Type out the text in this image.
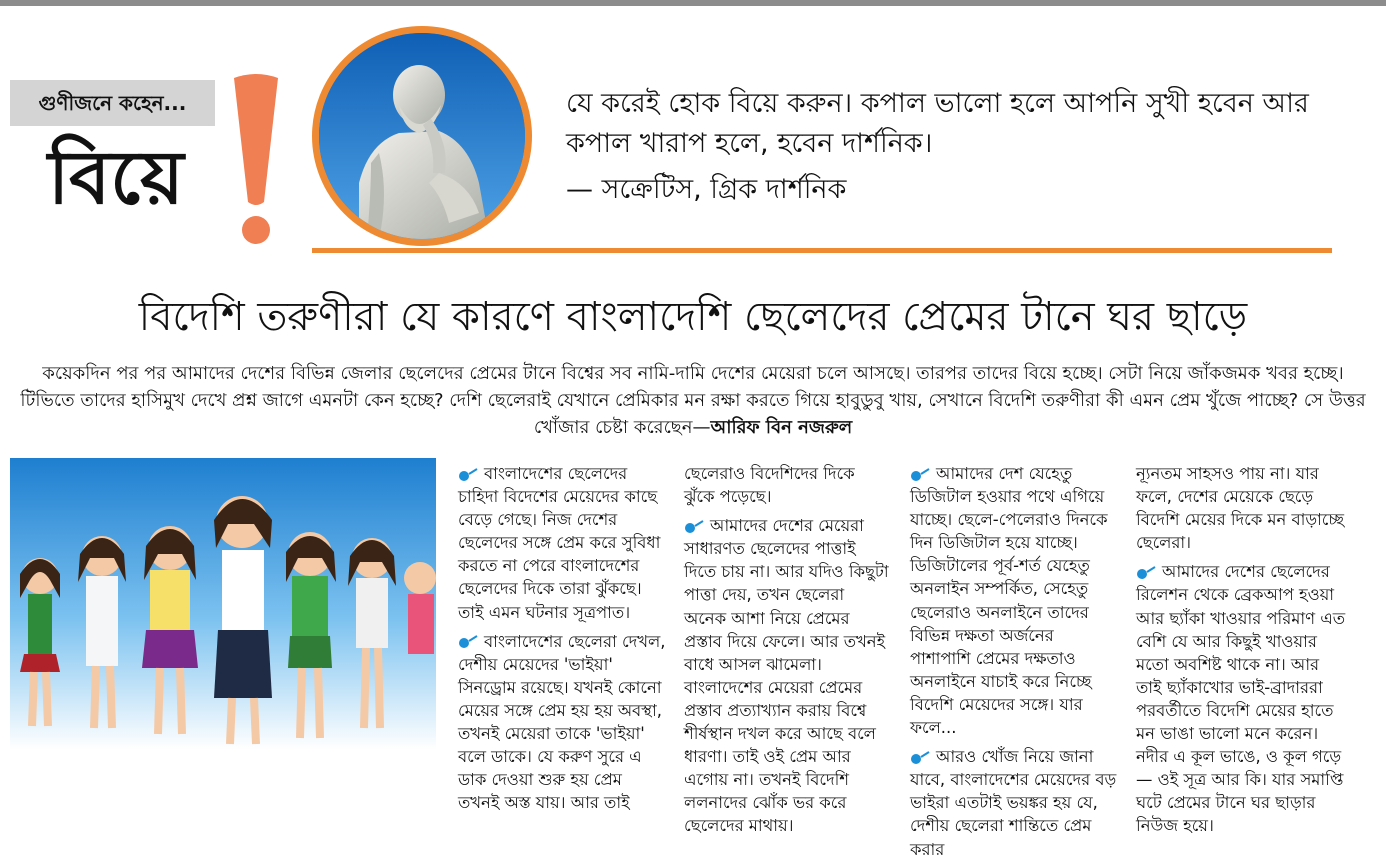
গুণীজনে কহেন...
বিয়ে
যে করেই হোক বিয়ে করুন। কপাল ভালো হলে আপনি সুখী হবেন আর কপাল খারাপ হলে, হবেন দার্শনিক।
— সক্রেটিস, গ্রিক দার্শনিক
বিদেশি তরুণীরা যে কারণে বাংলাদেশি ছেলেদের প্রেমের টানে ঘর ছাড়ে
কয়েকদিন পর পর আমাদের দেশের বিভিন্ন জেলার ছেলেদের প্রেমের টানে বিশ্বের সব নামি-দামি দেশের মেয়েরা চলে আসছে। তারপর তাদের বিয়ে হচ্ছে। সেটা নিয়ে জাঁকজমক খবর হচ্ছে। টিভিতে তাদের হাসিমুখ দেখে প্রশ্ন জাগে এমনটা কেন হচ্ছে? দেশি ছেলেরাই যেখানে প্রেমিকার মন রক্ষা করতে গিয়ে হাবুডুবু খায়, সেখানে বিদেশি তরুণীরা কী এমন প্রেম খুঁজে পাচ্ছে? সে উত্তর খোঁজার চেষ্টা করেছেন—আরিফ বিন নজরুল

বাংলাদেশের ছেলেদের চাহিদা বিদেশের মেয়েদের কাছে বেড়ে গেছে। নিজ দেশের ছেলেদের সঙ্গে প্রেম করে সুবিধা করতে না পেরে বাংলাদেশের ছেলেদের দিকে তারা ঝুঁকছে। তাই এমন ঘটনার সূত্রপাত।

বাংলাদেশের ছেলেরা দেখল, দেশীয় মেয়েদের 'ভাইয়া' সিনড্রোম রয়েছে। যখনই কোনো মেয়ের সঙ্গে প্রেম হয় হয় অবস্থা, তখনই মেয়েরা তাকে 'ভাইয়া' বলে ডাকে। যে করুণ সুরে এ ডাক দেওয়া শুরু হয় প্রেম তখনই অস্ত যায়। আর তাই

ছেলেরাও বিদেশিদের দিকে ঝুঁকে পড়েছে।

আমাদের দেশের মেয়েরা সাধারণত ছেলেদের পাত্তাই দিতে চায় না। আর যদিও কিছুটা পাত্তা দেয়, তখন ছেলেরা অনেক আশা নিয়ে প্রেমের প্রস্তাব দিয়ে ফেলে। আর তখনই বাধে আসল ঝামেলা। বাংলাদেশের মেয়েরা প্রেমের প্রস্তাব প্রত্যাখ্যান করায় বিশ্বে শীর্ষস্থান দখল করে আছে বলে ধারণা। তাই ওই প্রেম আর এগোয় না। তখনই বিদেশি ললনাদের ঝোঁক ভর করে ছেলেদের মাথায়।

আমাদের দেশ যেহেতু ডিজিটাল হওয়ার পথে এগিয়ে যাচ্ছে। ছেলে-পেলেরাও দিনকে দিন ডিজিটাল হয়ে যাচ্ছে। ডিজিটালের পূর্ব-শর্ত যেহেতু অনলাইন সম্পর্কিত, সেহেতু ছেলেরাও অনলাইনে তাদের বিভিন্ন দক্ষতা অর্জনের পাশাপাশি প্রেমের দক্ষতাও অনলাইনে যাচাই করে নিচ্ছে বিদেশি মেয়েদের সঙ্গে। যার ফলে...

আরও খোঁজ নিয়ে জানা যাবে, বাংলাদেশের মেয়েদের বড় ভাইরা এতটাই ভয়ঙ্কর হয় যে, দেশীয় ছেলেরা শান্তিতে প্রেম করার

ন্যূনতম সাহসও পায় না। যার ফলে, দেশের মেয়েকে ছেড়ে বিদেশি মেয়ের দিকে মন বাড়াচ্ছে ছেলেরা।

আমাদের দেশের ছেলেদের রিলেশন থেকে ব্রেকআপ হওয়া আর ছ্যাঁকা খাওয়ার পরিমাণ এত বেশি যে আর কিছুই খাওয়ার মতো অবশিষ্ট থাকে না। আর তাই ছ্যাঁকাখোর ভাই-ব্রাদাররা পরবর্তীতে বিদেশি মেয়ের হাতে মন ভাঙা ভালো মনে করেন। নদীর এ কূল ভাঙে, ও কূল গড়ে— ওই সূত্র আর কি। যার সমাপ্তি ঘটে প্রেমের টানে ঘর ছাড়ার নিউজ হয়ে।
